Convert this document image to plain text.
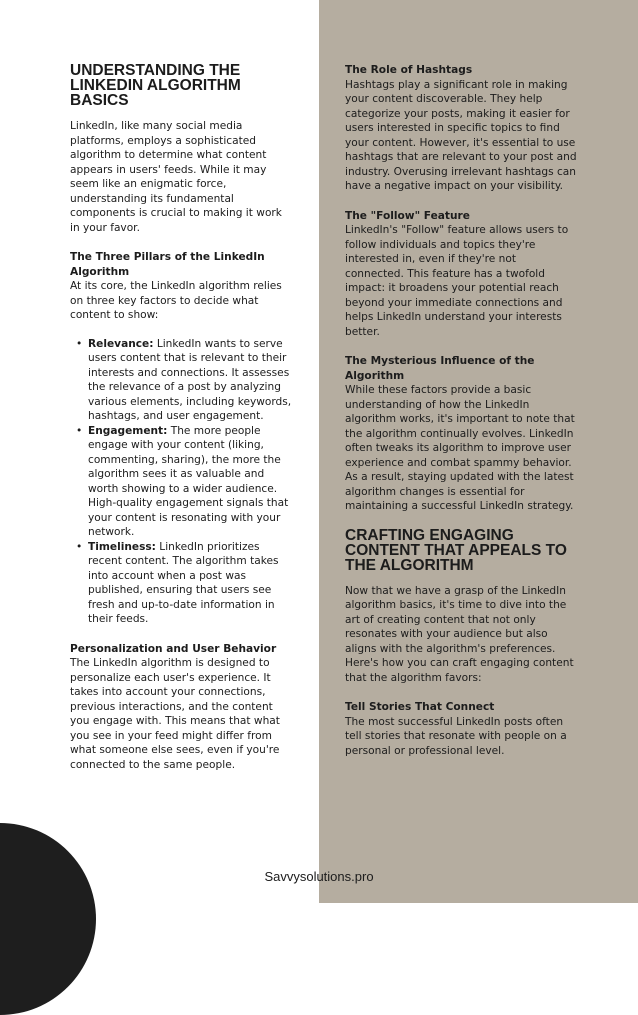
UNDERSTANDING THE LINKEDIN ALGORITHM BASICS

LinkedIn, like many social media platforms, employs a sophisticated algorithm to determine what content appears in users' feeds. While it may seem like an enigmatic force, understanding its fundamental components is crucial to making it work in your favor.

The Three Pillars of the LinkedIn Algorithm

At its core, the LinkedIn algorithm relies on three key factors to decide what content to show:

• Relevance: LinkedIn wants to serve users content that is relevant to their interests and connections. It assesses the relevance of a post by analyzing various elements, including keywords, hashtags, and user engagement.
• Engagement: The more people engage with your content (liking, commenting, sharing), the more the algorithm sees it as valuable and worth showing to a wider audience. High-quality engagement signals that your content is resonating with your network.
• Timeliness: LinkedIn prioritizes recent content. The algorithm takes into account when a post was published, ensuring that users see fresh and up-to-date information in their feeds.
Personalization and User Behavior

The LinkedIn algorithm is designed to personalize each user's experience. It takes into account your connections, previous interactions, and the content you engage with. This means that what you see in your feed might differ from what someone else sees, even if you're connected to the same people.

The Role of Hashtags

Hashtags play a significant role in making your content discoverable. They help categorize your posts, making it easier for users interested in specific topics to find your content. However, it's essential to use hashtags that are relevant to your post and industry. Overusing irrelevant hashtags can have a negative impact on your visibility.

The "Follow" Feature

LinkedIn's "Follow" feature allows users to follow individuals and topics they're interested in, even if they're not connected. This feature has a twofold impact: it broadens your potential reach beyond your immediate connections and helps LinkedIn understand your interests better.

The Mysterious Influence of the Algorithm

While these factors provide a basic understanding of how the LinkedIn algorithm works, it's important to note that the algorithm continually evolves. LinkedIn often tweaks its algorithm to improve user experience and combat spammy behavior. As a result, staying updated with the latest algorithm changes is essential for maintaining a successful LinkedIn strategy.

CRAFTING ENGAGING CONTENT THAT APPEALS TO THE ALGORITHM

Now that we have a grasp of the LinkedIn algorithm basics, it's time to dive into the art of creating content that not only resonates with your audience but also aligns with the algorithm's preferences. Here's how you can craft engaging content that the algorithm favors:

Tell Stories That Connect

The most successful LinkedIn posts often tell stories that resonate with people on a personal or professional level.

Savvysolutions.pro
